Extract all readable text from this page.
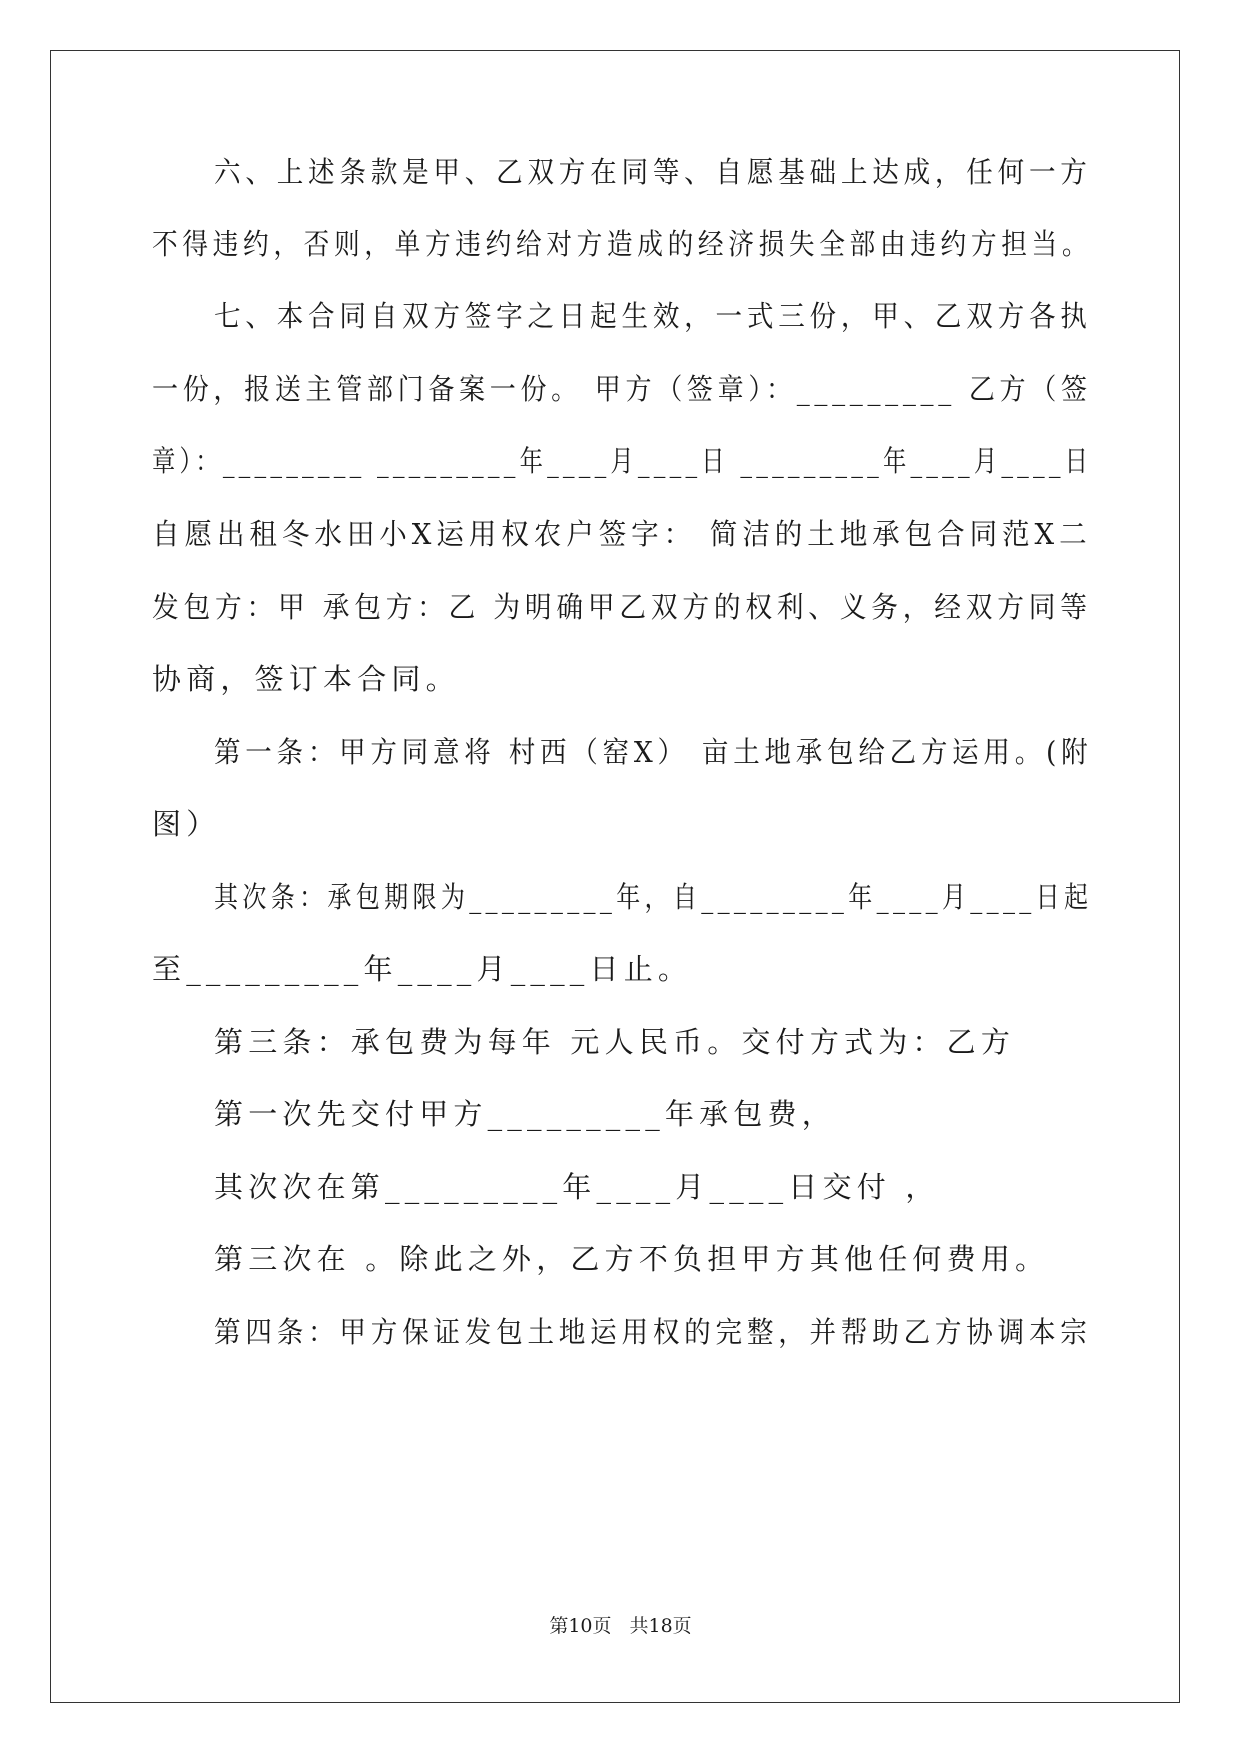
六、上述条款是甲、乙双方在同等、自愿基础上达成，任何一方
不得违约，否则，单方违约给对方造成的经济损失全部由违约方担当。
七、本合同自双方签字之日起生效，一式三份，甲、乙双方各执
一份，报送主管部门备案一份。 甲方（签章）：_________ 乙方（签
章）：_________ _________年____月____日 _________年____月____日
自愿出租冬水田小X运用权农户签字： 简洁的土地承包合同范X二
发包方：甲 承包方：乙 为明确甲乙双方的权利、义务，经双方同等
协商，签订本合同。
第一条：甲方同意将 村西（窑X） 亩土地承包给乙方运用。(附
图）
其次条：承包期限为_________年，自_________年____月____日起
至_________年____月____日止。
第三条：承包费为每年 元人民币。交付方式为：乙方
第一次先交付甲方_________年承包费，
其次次在第_________年____月____日交付 ，
第三次在 。除此之外，乙方不负担甲方其他任何费用。
第四条：甲方保证发包土地运用权的完整，并帮助乙方协调本宗
第10页 共18页
